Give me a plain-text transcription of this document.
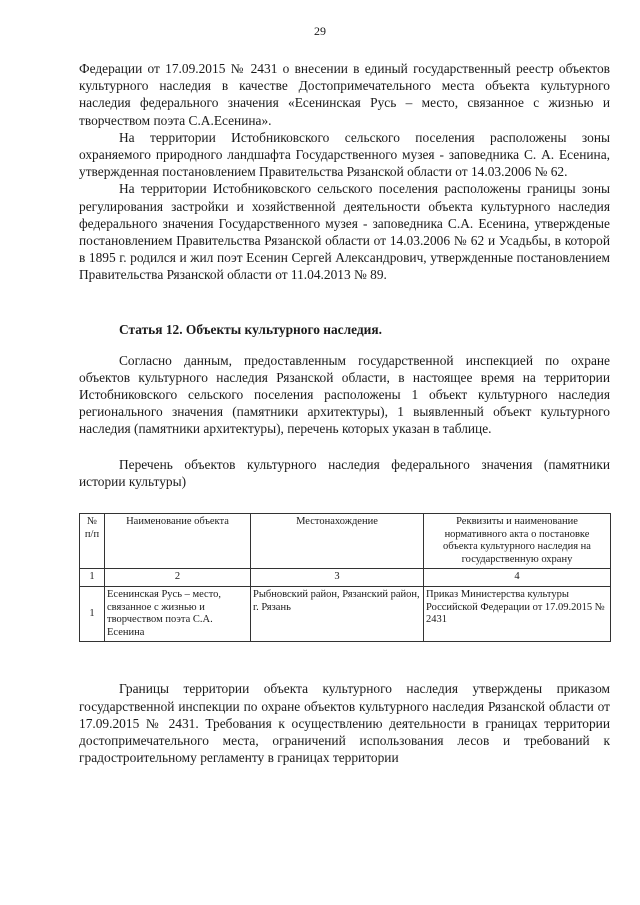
29

Федерации от 17.09.2015 № 2431 о внесении в единый государственный реестр объектов культурного наследия в качестве Достопримечательного места объекта культурного наследия федерального значения «Есенинская Русь – место, связанное с жизнью и творчеством поэта С.А.Есенина».

На территории Истобниковского сельского поселения расположены зоны охраняемого природного ландшафта Государственного музея - заповедника С. А. Есенина, утвержденная постановлением Правительства Рязанской области от 14.03.2006 № 62.

На территории Истобниковского сельского поселения расположены границы зоны регулирования застройки и хозяйственной деятельности объекта культурного наследия федерального значения Государственного музея - заповедника С.А. Есенина, утвержденые постановлением Правительства Рязанской области от 14.03.2006 № 62 и Усадьбы, в которой в 1895 г. родился и жил поэт Есенин Сергей Александрович, утвержденные постановлением Правительства Рязанской области от 11.04.2013 № 89.

Статья 12. Объекты культурного наследия.

Согласно данным, предоставленным государственной инспекцией по охране объектов культурного наследия Рязанской области, в настоящее время на территории Истобниковского сельского поселения расположены 1 объект культурного наследия регионального значения (памятники архитектуры), 1 выявленный объект культурного наследия (памятники архитектуры), перечень которых указан в таблице.

Перечень объектов культурного наследия федерального значения (памятники истории культуры)

№ п/п	Наименование объекта	Местонахождение	Реквизиты и наименование нормативного акта о постановке объекта культурного наследия на государственную охрану
1	2	3	4
1	Есенинская Русь – место, связанное с жизнью и творчеством поэта С.А. Есенина	Рыбновский район, Рязанский район, г. Рязань	Приказ Министерства культуры Российской Федерации от 17.09.2015 № 2431

Границы территории объекта культурного наследия утверждены приказом государственной инспекции по охране объектов культурного наследия Рязанской области от 17.09.2015 № 2431. Требования к осуществлению деятельности в границах территории достопримечательного места, ограничений использования лесов и требований к градостроительному регламенту в границах территории
